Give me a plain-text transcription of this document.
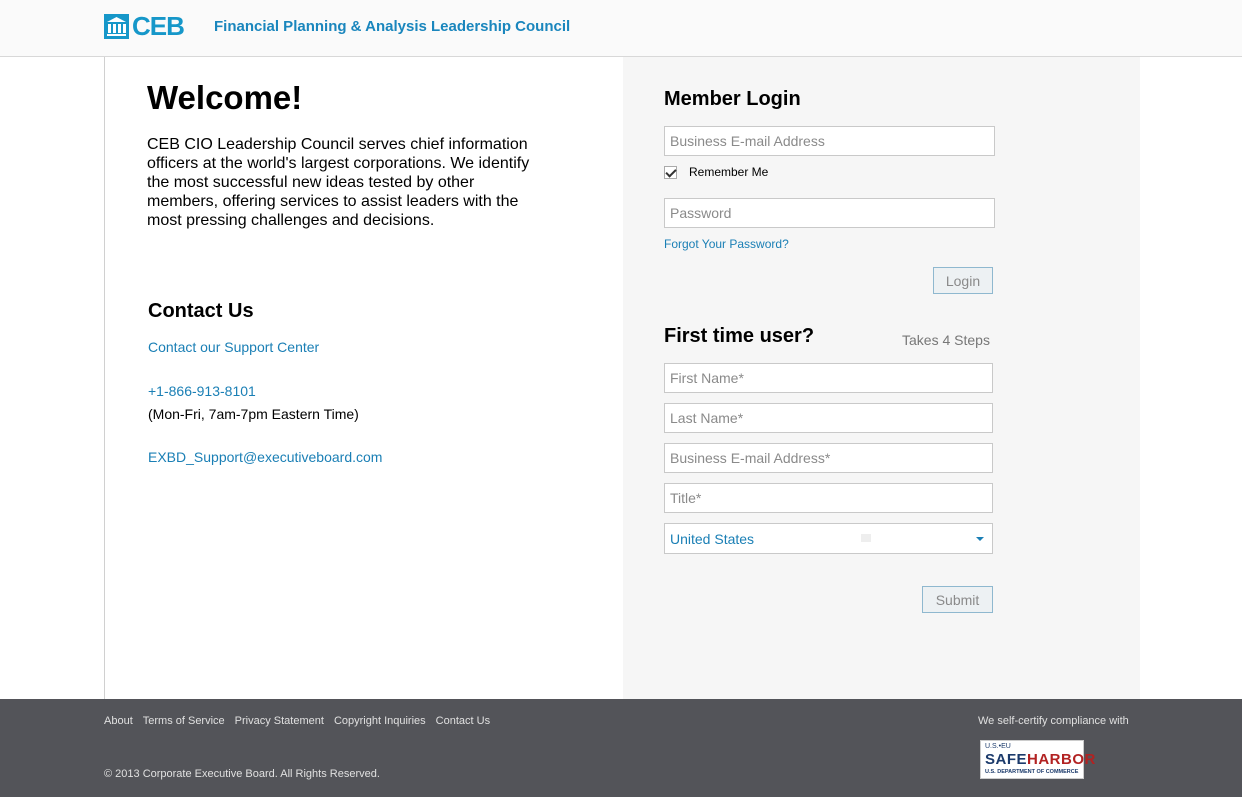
CEB Financial Planning & Analysis Leadership Council
Welcome!

CEB CIO Leadership Council serves chief information officers at the world's largest corporations. We identify the most successful new ideas tested by other members, offering services to assist leaders with the most pressing challenges and decisions.

Contact Us
Contact our Support Center
+1-866-913-8101
(Mon-Fri, 7am-7pm Eastern Time)
EXBD_Support@executiveboard.com
Member Login
Business E-mail Address
Remember Me
Forgot Your Password?
Login
First time user?	Takes 4 Steps
First Name*
Last Name*
Business E-mail Address*
Title*
United States
Submit
About Terms of Service Privacy Statement Copyright Inquiries Contact Us
© 2013 Corporate Executive Board. All Rights Reserved.
We self-certify compliance with
U.S.•EU
SAFEHARBOR
U.S. DEPARTMENT OF COMMERCE
